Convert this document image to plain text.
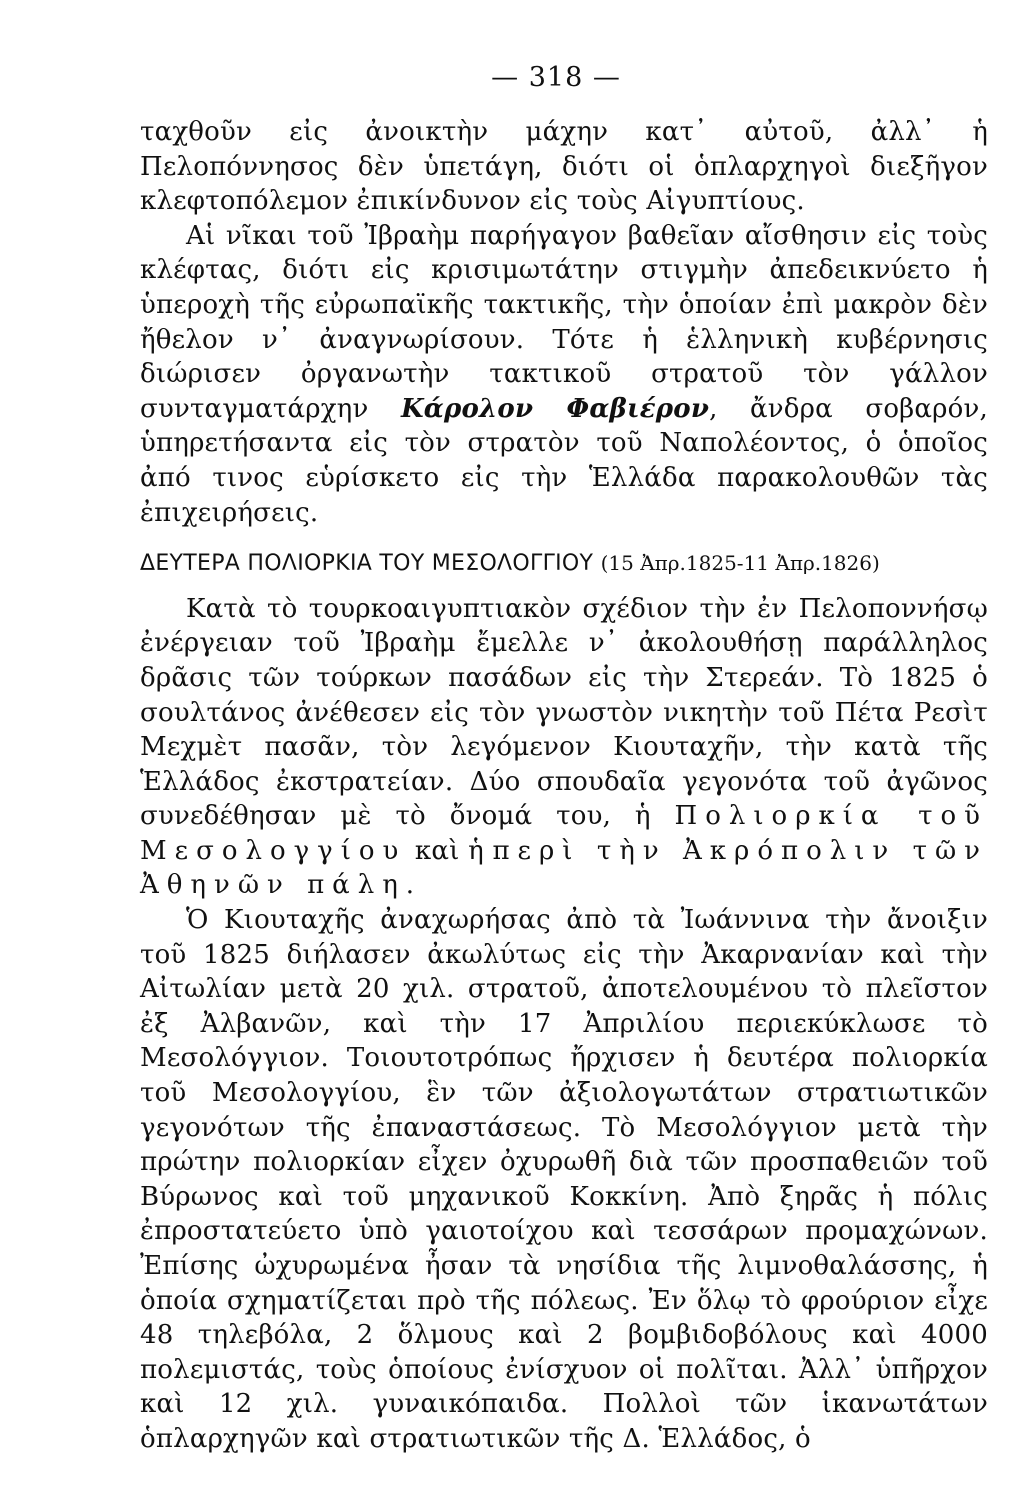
— 318 —

ταχθοῦν εἰς ἀνοικτὴν μάχην κατ᾽ αὐτοῦ, ἀλλ᾽ ἡ Πελοπόννησος δὲν ὑπετάγη, διότι οἱ ὁπλαρχηγοὶ διεξῆγον κλεφτοπόλεμον ἐπικίνδυνον εἰς τοὺς Αἰγυπτίους.

Αἱ νῖκαι τοῦ Ἰβραὴμ παρήγαγον βαθεῖαν αἴσθησιν εἰς τοὺς κλέφτας, διότι εἰς κρισιμωτάτην στιγμὴν ἀπεδεικνύετο ἡ ὑπεροχὴ τῆς εὐρωπαϊκῆς τακτικῆς, τὴν ὁποίαν ἐπὶ μακρὸν δὲν ἤθελον ν᾽ ἀναγνωρίσουν. Τότε ἡ ἑλληνικὴ κυβέρνησις διώρισεν ὀργανωτὴν τακτικοῦ στρατοῦ τὸν γάλλον συνταγματάρχην Κάρολον Φαβιέρον, ἄνδρα σοβαρόν, ὑπηρετήσαντα εἰς τὸν στρατὸν τοῦ Ναπολέοντος, ὁ ὁποῖος ἀπό τινος εὑρίσκετο εἰς τὴν Ἑλλάδα παρακολουθῶν τὰς ἐπιχειρήσεις.

ΔΕΥΤΕΡΑ ΠΟΛΙΟΡΚΙΑ ΤΟΥ ΜΕΣΟΛΟΓΓΙΟΥ (15 Ἀπρ.1825-11 Ἀπρ.1826)

Κατὰ τὸ τουρκοαιγυπτιακὸν σχέδιον τὴν ἐν Πελοποννήσῳ ἐνέργειαν τοῦ Ἰβραὴμ ἔμελλε ν᾽ ἀκολουθήσῃ παράλληλος δρᾶσις τῶν τούρκων πασάδων εἰς τὴν Στερεάν. Τὸ 1825 ὁ σουλτάνος ἀνέθεσεν εἰς τὸν γνωστὸν νικητὴν τοῦ Πέτα Ρεσὶτ Μεχμὲτ πασᾶν, τὸν λεγόμενον Κιουταχῆν, τὴν κατὰ τῆς Ἑλλάδος ἐκστρατείαν. Δύο σπουδαῖα γεγονότα τοῦ ἀγῶνος συνεδέθησαν μὲ τὸ ὄνομά του, ἡ Πολιορκία τοῦ Μεσολογγίου καὶ ἡ περὶ τὴν Ἀκρόπολιν τῶν Ἀθηνῶν πάλη.

Ὁ Κιουταχῆς ἀναχωρήσας ἀπὸ τὰ Ἰωάννινα τὴν ἄνοιξιν τοῦ 1825 διήλασεν ἀκωλύτως εἰς τὴν Ἀκαρνανίαν καὶ τὴν Αἰτωλίαν μετὰ 20 χιλ. στρατοῦ, ἀποτελουμένου τὸ πλεῖστον ἐξ Ἀλβανῶν, καὶ τὴν 17 Ἀπριλίου περιεκύκλωσε τὸ Μεσολόγγιον. Τοιουτοτρόπως ἤρχισεν ἡ δευτέρα πολιορκία τοῦ Μεσολογγίου, ἓν τῶν ἀξιολογωτάτων στρατιωτικῶν γεγονότων τῆς ἐπαναστάσεως. Τὸ Μεσολόγγιον μετὰ τὴν πρώτην πολιορκίαν εἶχεν ὀχυρωθῆ διὰ τῶν προσπαθειῶν τοῦ Βύρωνος καὶ τοῦ μηχανικοῦ Κοκκίνη. Ἀπὸ ξηρᾶς ἡ πόλις ἐπροστατεύετο ὑπὸ γαιοτοίχου καὶ τεσσάρων προμαχώνων. Ἐπίσης ὠχυρωμένα ἦσαν τὰ νησίδια τῆς λιμνοθαλάσσης, ἡ ὁποία σχηματίζεται πρὸ τῆς πόλεως. Ἐν ὅλῳ τὸ φρούριον εἶχε 48 τηλεβόλα, 2 ὅλμους καὶ 2 βομβιδοβόλους καὶ 4000 πολεμιστάς, τοὺς ὁποίους ἐνίσχυον οἱ πολῖται. Ἀλλ᾽ ὑπῆρχον καὶ 12 χιλ. γυναικόπαιδα. Πολλοὶ τῶν ἱκανωτάτων ὁπλαρχηγῶν καὶ στρατιωτικῶν τῆς Δ. Ἑλλάδος, ὁ
